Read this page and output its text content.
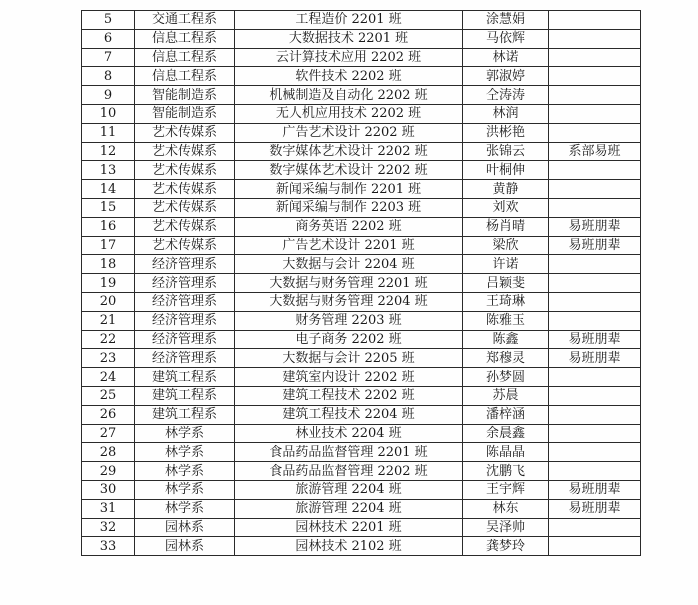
5	交通工程系	工程造价 2201 班	涂慧娟	
6	信息工程系	大数据技术 2201 班	马依辉	
7	信息工程系	云计算技术应用 2202 班	林诺	
8	信息工程系	软件技术 2202 班	郭淑婷	
9	智能制造系	机械制造及自动化 2202 班	仝涛涛	
10	智能制造系	无人机应用技术 2202 班	林润	
11	艺术传媒系	广告艺术设计 2202 班	洪彬艳	
12	艺术传媒系	数字媒体艺术设计 2202 班	张锦云	系部易班
13	艺术传媒系	数字媒体艺术设计 2202 班	叶桐伸	
14	艺术传媒系	新闻采编与制作 2201 班	黄静	
15	艺术传媒系	新闻采编与制作 2203 班	刘欢	
16	艺术传媒系	商务英语 2202 班	杨肖晴	易班朋辈
17	艺术传媒系	广告艺术设计 2201 班	梁欣	易班朋辈
18	经济管理系	大数据与会计 2204 班	许诺	
19	经济管理系	大数据与财务管理 2201 班	吕颖斐	
20	经济管理系	大数据与财务管理 2204 班	王琦琳	
21	经济管理系	财务管理 2203 班	陈雅玉	
22	经济管理系	电子商务 2202 班	陈鑫	易班朋辈
23	经济管理系	大数据与会计 2205 班	郑穆灵	易班朋辈
24	建筑工程系	建筑室内设计 2202 班	孙梦圆	
25	建筑工程系	建筑工程技术 2202 班	苏晨	
26	建筑工程系	建筑工程技术 2204 班	潘梓涵	
27	林学系	林业技术 2204 班	余晨鑫	
28	林学系	食品药品监督管理 2201 班	陈晶晶	
29	林学系	食品药品监督管理 2202 班	沈鹏飞	
30	林学系	旅游管理 2204 班	王宇辉	易班朋辈
31	林学系	旅游管理 2204 班	林东	易班朋辈
32	园林系	园林技术 2201 班	吴泽帅	
33	园林系	园林技术 2102 班	龚梦玲	
